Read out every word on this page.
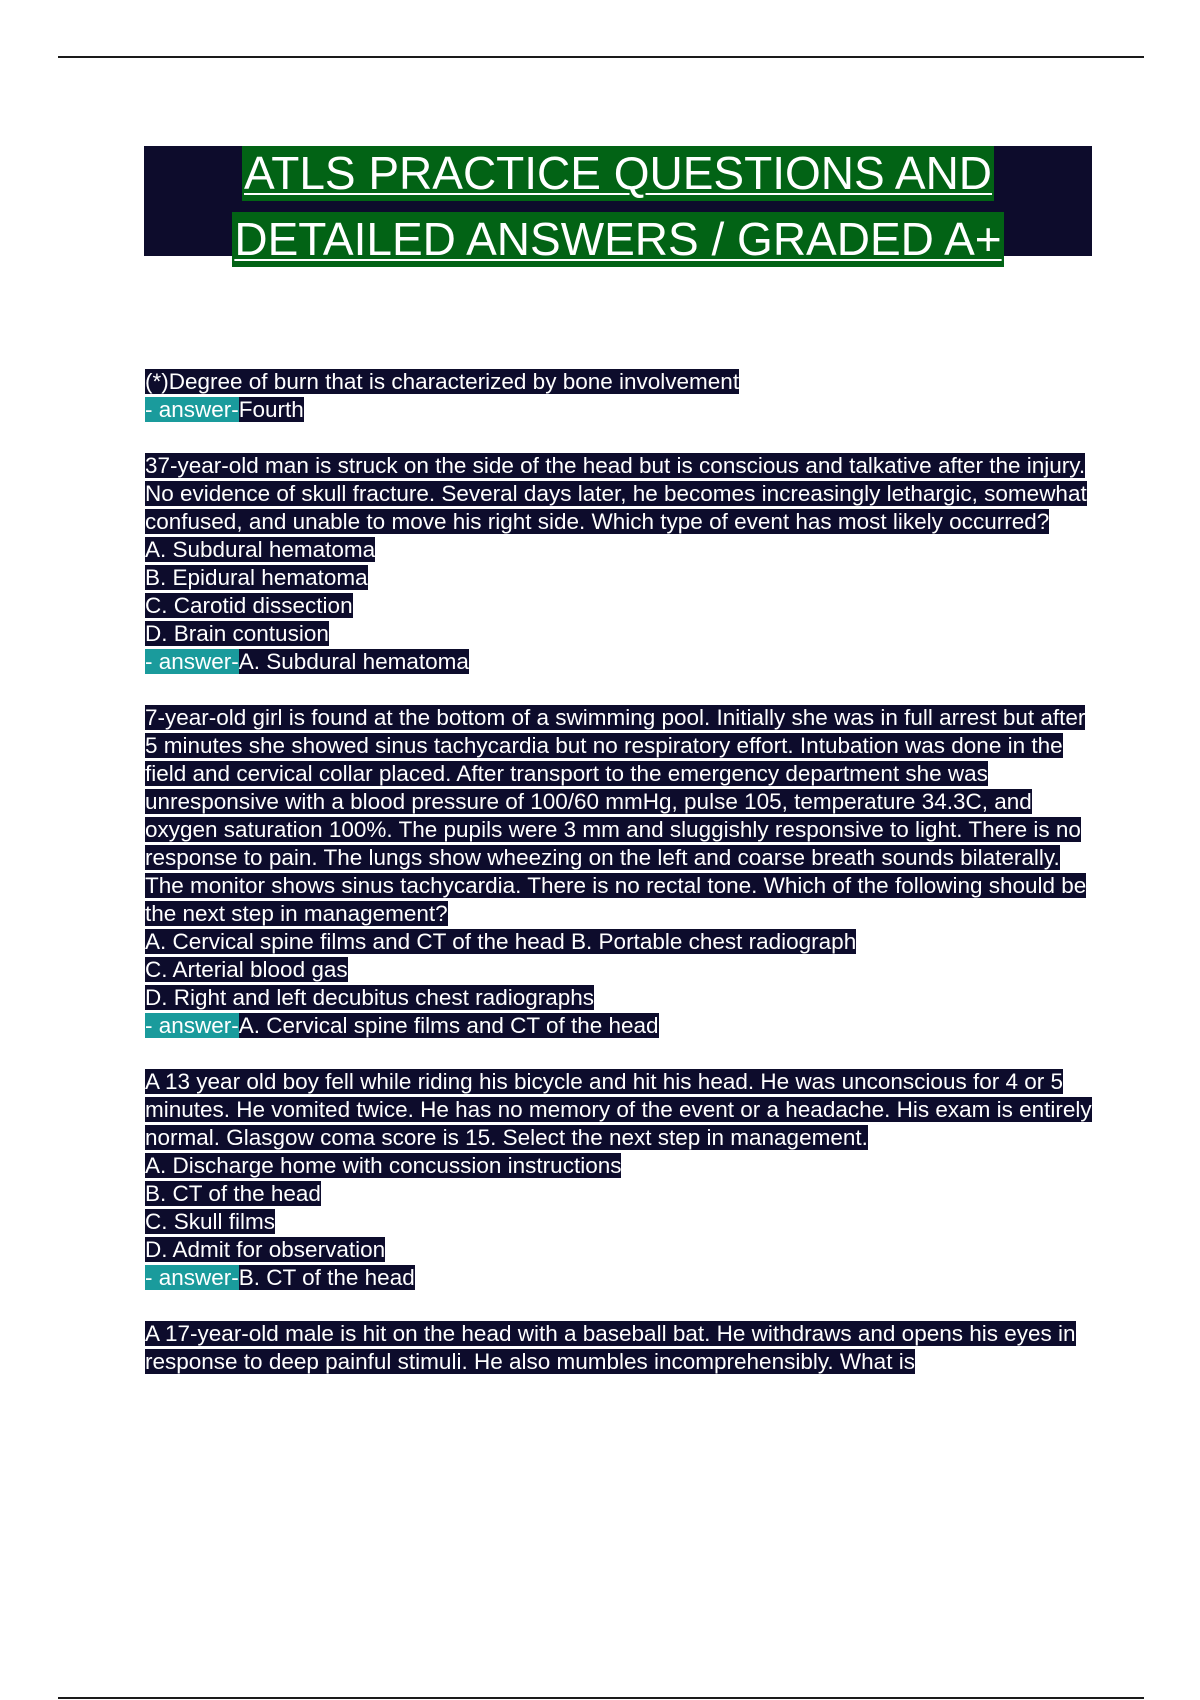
ATLS PRACTICE QUESTIONS AND
DETAILED ANSWERS / GRADED A+

(*)Degree of burn that is characterized by bone involvement

- answer-Fourth

37-year-old man is struck on the side of the head but is conscious and talkative after the injury. No evidence of skull fracture. Several days later, he becomes increasingly lethargic, somewhat confused, and unable to move his right side. Which type of event has most likely occurred?

A. Subdural hematoma

B. Epidural hematoma

C. Carotid dissection

D. Brain contusion

- answer-A. Subdural hematoma

7-year-old girl is found at the bottom of a swimming pool. Initially she was in full arrest but after 5 minutes she showed sinus tachycardia but no respiratory effort. Intubation was done in the field and cervical collar placed. After transport to the emergency department she was unresponsive with a blood pressure of 100/60 mmHg, pulse 105, temperature 34.3C, and oxygen saturation 100%. The pupils were 3 mm and sluggishly responsive to light. There is no response to pain. The lungs show wheezing on the left and coarse breath sounds bilaterally. The monitor shows sinus tachycardia. There is no rectal tone. Which of the following should be the next step in management?

A. Cervical spine films and CT of the head B. Portable chest radiograph

C. Arterial blood gas

D. Right and left decubitus chest radiographs

- answer-A. Cervical spine films and CT of the head

A 13 year old boy fell while riding his bicycle and hit his head. He was unconscious for 4 or 5 minutes. He vomited twice. He has no memory of the event or a headache. His exam is entirely normal. Glasgow coma score is 15. Select the next step in management.

A. Discharge home with concussion instructions

B. CT of the head

C. Skull films

D. Admit for observation

- answer-B. CT of the head

A 17-year-old male is hit on the head with a baseball bat. He withdraws and opens his eyes in response to deep painful stimuli. He also mumbles incomprehensibly. What is
